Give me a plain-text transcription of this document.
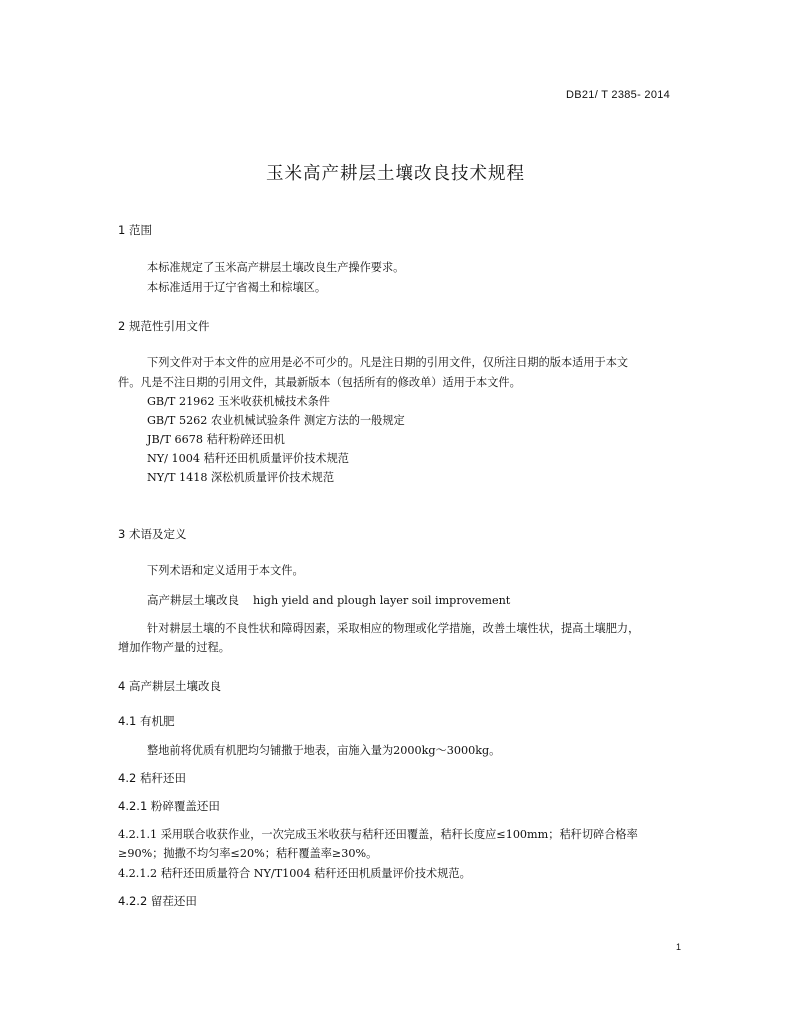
DB21/ T 2385- 2014
玉米高产耕层土壤改良技术规程
1 范围
本标准规定了玉米高产耕层土壤改良生产操作要求。
本标准适用于辽宁省褐土和棕壤区。
2 规范性引用文件
下列文件对于本文件的应用是必不可少的。凡是注日期的引用文件，仅所注日期的版本适用于本文
件。凡是不注日期的引用文件，其最新版本（包括所有的修改单）适用于本文件。
GB/T 21962 玉米收获机械技术条件
GB/T 5262 农业机械试验条件 测定方法的一般规定
JB/T 6678 秸秆粉碎还田机
NY/ 1004 秸秆还田机质量评价技术规范
NY/T 1418 深松机质量评价技术规范
3 术语及定义
下列术语和定义适用于本文件。
高产耕层土壤改良 high yield and plough layer soil improvement
针对耕层土壤的不良性状和障碍因素，采取相应的物理或化学措施，改善土壤性状，提高土壤肥力，
增加作物产量的过程。
4 高产耕层土壤改良
4.1 有机肥
整地前将优质有机肥均匀铺撒于地表，亩施入量为2000kg～3000kg。
4.2 秸秆还田
4.2.1 粉碎覆盖还田
4.2.1.1 采用联合收获作业，一次完成玉米收获与秸秆还田覆盖，秸秆长度应≤100mm；秸秆切碎合格率
≥90%；抛撒不均匀率≤20%；秸秆覆盖率≥30%。
4.2.1.2 秸秆还田质量符合 NY/T1004 秸秆还田机质量评价技术规范。
4.2.2 留茬还田
1
